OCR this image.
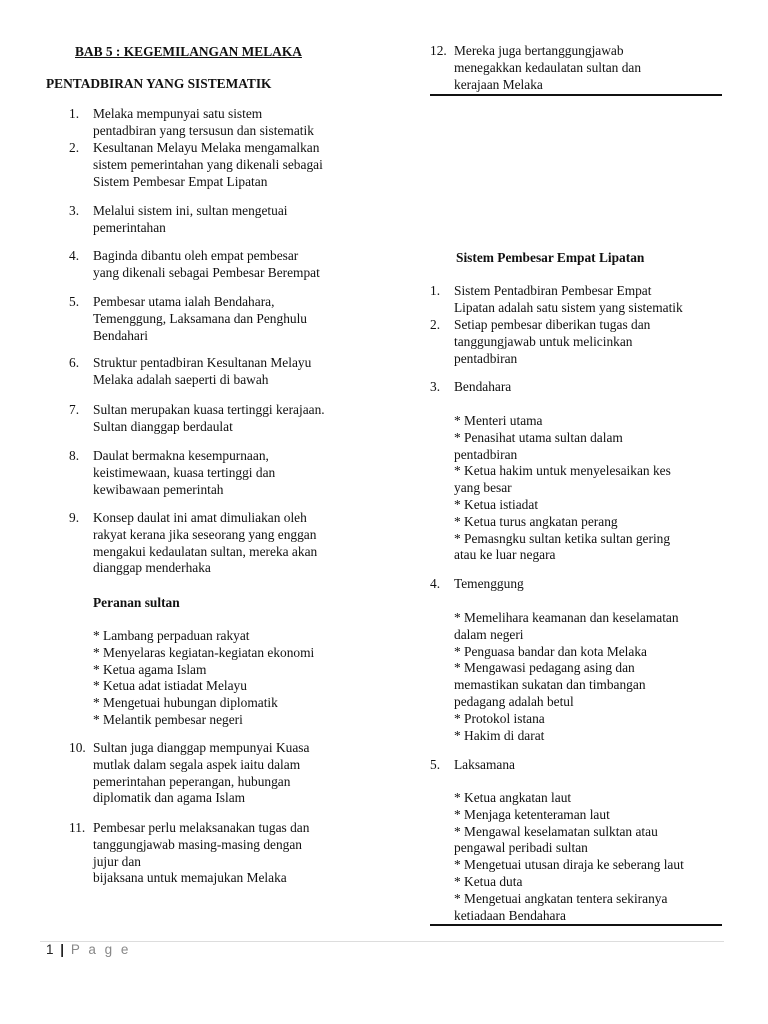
BAB 5 : KEGEMILANGAN MELAKA
PENTADBIRAN YANG SISTEMATIK
1. Melaka mempunyai satu sistem
pentadbiran yang tersusun dan sistematik
2. Kesultanan Melayu Melaka mengamalkan
sistem pemerintahan yang dikenali sebagai
Sistem Pembesar Empat Lipatan
3. Melalui sistem ini, sultan mengetuai
pemerintahan
4. Baginda dibantu oleh empat pembesar
yang dikenali sebagai Pembesar Berempat
5. Pembesar utama ialah Bendahara,
Temenggung, Laksamana dan Penghulu
Bendahari
6. Struktur pentadbiran Kesultanan Melayu
Melaka adalah saeperti di bawah
7. Sultan merupakan kuasa tertinggi kerajaan.
Sultan dianggap berdaulat
8. Daulat bermakna kesempurnaan,
keistimewaan, kuasa tertinggi dan
kewibawaan pemerintah
9. Konsep daulat ini amat dimuliakan oleh
rakyat kerana jika seseorang yang enggan
mengakui kedaulatan sultan, mereka akan
dianggap menderhaka
Peranan sultan
* Lambang perpaduan rakyat
* Menyelaras kegiatan-kegiatan ekonomi
* Ketua agama Islam
* Ketua adat istiadat Melayu
* Mengetuai hubungan diplomatik
* Melantik pembesar negeri
10. Sultan juga dianggap mempunyai Kuasa
mutlak dalam segala aspek iaitu dalam
pemerintahan peperangan, hubungan
diplomatik dan agama Islam
11. Pembesar perlu melaksanakan tugas dan
tanggungjawab masing-masing dengan
jujur dan
bijaksana untuk memajukan Melaka
12. Mereka juga bertanggungjawab
menegakkan kedaulatan sultan dan
kerajaan Melaka
Sistem Pembesar Empat Lipatan
1. Sistem Pentadbiran Pembesar Empat
Lipatan adalah satu sistem yang sistematik
2. Setiap pembesar diberikan tugas dan
tanggungjawab untuk melicinkan
pentadbiran
3. Bendahara
* Menteri utama
* Penasihat utama sultan dalam
pentadbiran
* Ketua hakim untuk menyelesaikan kes
yang besar
* Ketua istiadat
* Ketua turus angkatan perang
* Pemasngku sultan ketika sultan gering
atau ke luar negara
4. Temenggung
* Memelihara keamanan dan keselamatan
dalam negeri
* Penguasa bandar dan kota Melaka
* Mengawasi pedagang asing dan
memastikan sukatan dan timbangan
pedagang adalah betul
* Protokol istana
* Hakim di darat
5. Laksamana
* Ketua angkatan laut
* Menjaga ketenteraman laut
* Mengawal keselamatan sulktan atau
pengawal peribadi sultan
* Mengetuai utusan diraja ke seberang laut
* Ketua duta
* Mengetuai angkatan tentera sekiranya
ketiadaan Bendahara
1 | P a g e
